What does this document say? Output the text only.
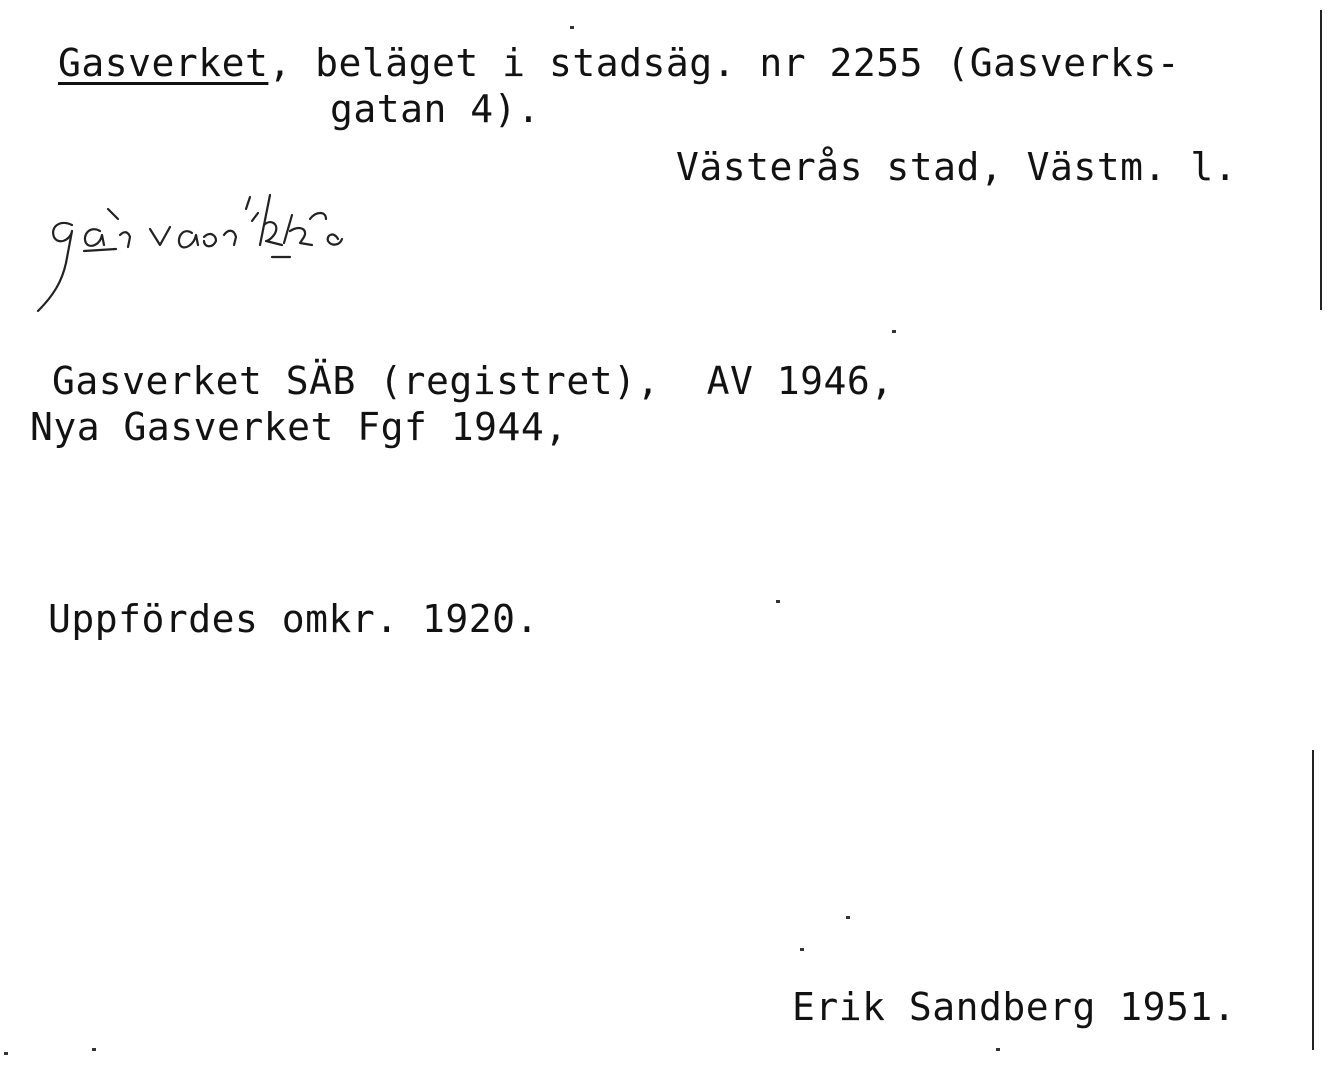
Gasverket, beläget i stadsäg. nr 2255 (Gasverks-
gatan 4).
Västerås stad, Västm. l.
Gasverket SÄB (registret),  AV 1946,
Nya Gasverket Fgf 1944,
Uppfördes omkr. 1920.
Erik Sandberg 1951.
